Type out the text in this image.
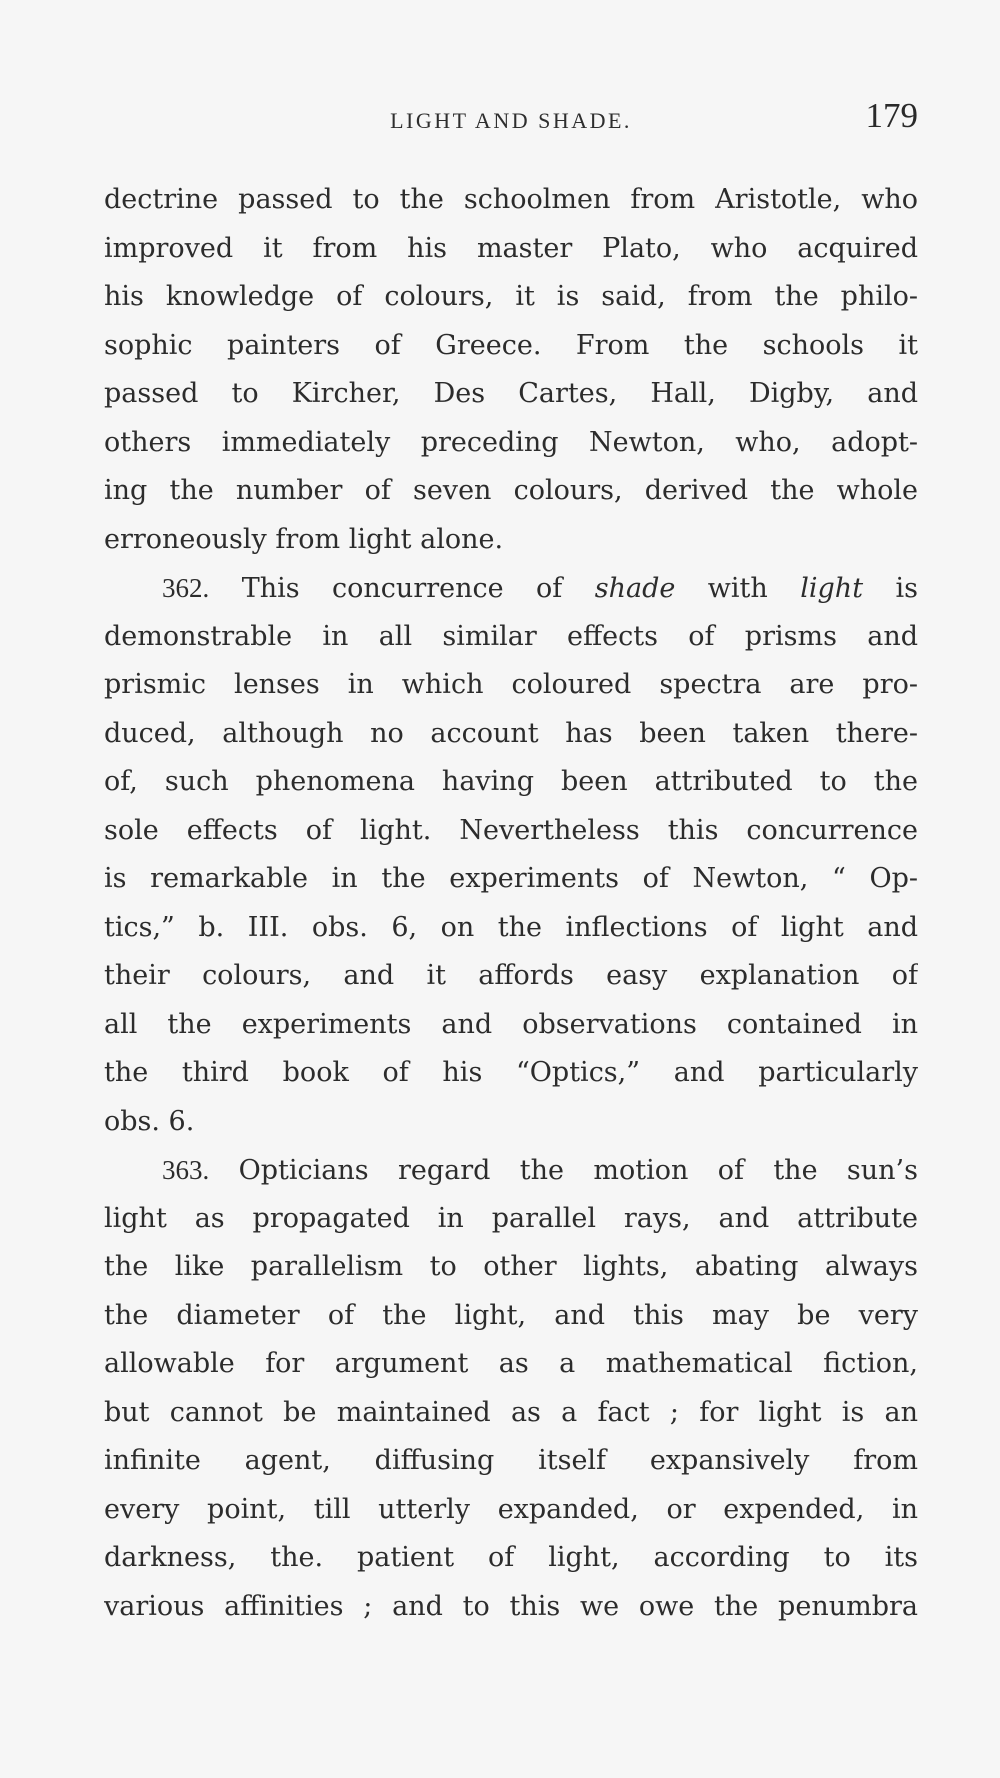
LIGHT AND SHADE.	179
dectrine passed to the schoolmen from Aristotle, who
improved it from his master Plato, who acquired
his knowledge of colours, it is said, from the philo-
sophic painters of Greece. From the schools it
passed to Kircher, Des Cartes, Hall, Digby, and
others immediately preceding Newton, who, adopt-
ing the number of seven colours, derived the whole
erroneously from light alone.
362. This concurrence of shade with light is
demonstrable in all similar effects of prisms and
prismic lenses in which coloured spectra are pro-
duced, although no account has been taken there-
of, such phenomena having been attributed to the
sole effects of light. Nevertheless this concurrence
is remarkable in the experiments of Newton, “ Op-
tics,” b. III. obs. 6, on the inflections of light and
their colours, and it affords easy explanation of
all the experiments and observations contained in
the third book of his “Optics,” and particularly
obs. 6.
363. Opticians regard the motion of the sun’s
light as propagated in parallel rays, and attribute
the like parallelism to other lights, abating always
the diameter of the light, and this may be very
allowable for argument as a mathematical fiction,
but cannot be maintained as a fact ; for light is an
infinite agent, diffusing itself expansively from
every point, till utterly expanded, or expended, in
darkness, the. patient of light, according to its
various affinities ; and to this we owe the penumbra
